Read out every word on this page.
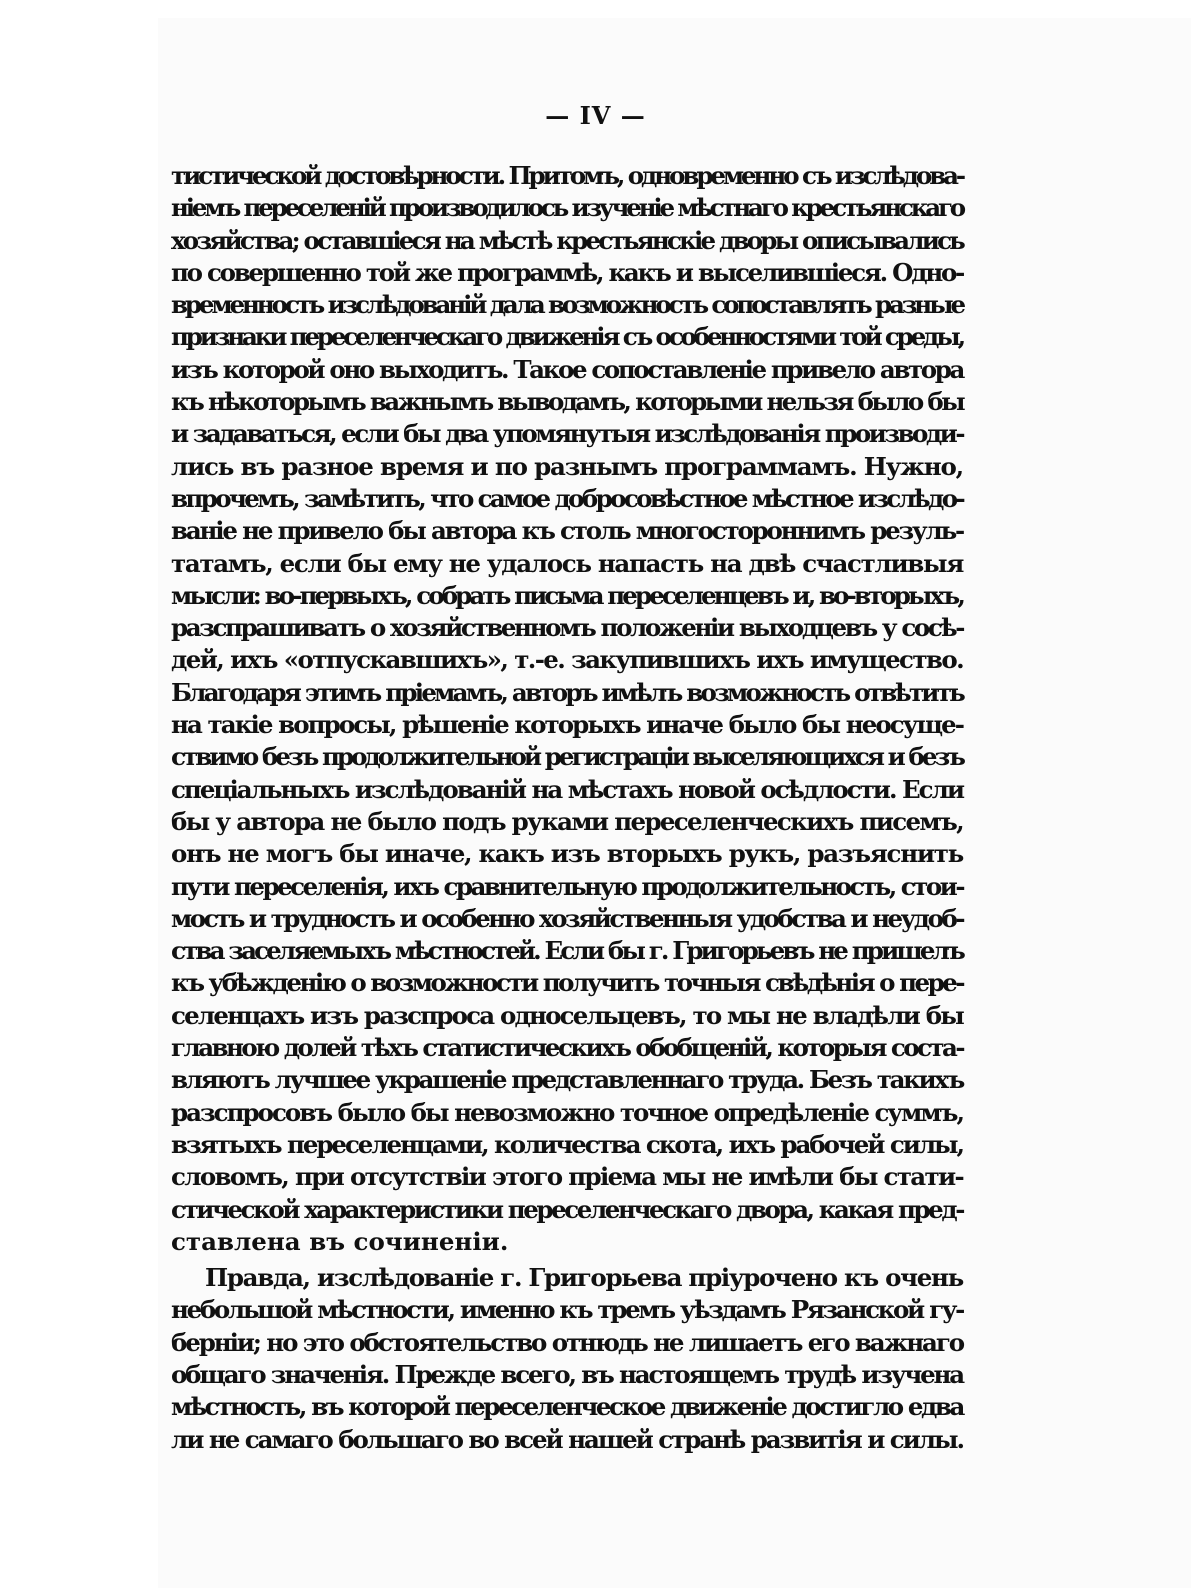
— IV —
тистической достовѣрности. Притомъ, одновременно съ изслѣдова-
ніемъ переселеній производилось изученіе мѣстнаго крестьянскаго
хозяйства; оставшіеся на мѣстѣ крестьянскіе дворы описывались
по совершенно той же программѣ, какъ и выселившіеся. Одно-
временность изслѣдованій дала возможность сопоставлять разные
признаки переселенческаго движенія съ особенностями той среды,
изъ которой оно выходитъ. Такое сопоставленіе привело автора
къ нѣкоторымъ важнымъ выводамъ, которыми нельзя было бы
и задаваться, если бы два упомянутыя изслѣдованія производи-
лись въ разное время и по разнымъ программамъ. Нужно,
впрочемъ, замѣтить, что самое добросовѣстное мѣстное изслѣдо-
ваніе не привело бы автора къ столь многостороннимъ резуль-
татамъ, если бы ему не удалось напасть на двѣ счастливыя
мысли: во-первыхъ, собрать письма переселенцевъ и, во-вторыхъ,
разспрашивать о хозяйственномъ положеніи выходцевъ у сосѣ-
дей, ихъ «отпускавшихъ», т.-е. закупившихъ ихъ имущество.
Благодаря этимъ пріемамъ, авторъ имѣлъ возможность отвѣтить
на такіе вопросы, рѣшеніе которыхъ иначе было бы неосуще-
ствимо безъ продолжительной регистраціи выселяющихся и безъ
спеціальныхъ изслѣдованій на мѣстахъ новой осѣдлости. Если
бы у автора не было подъ руками переселенческихъ писемъ,
онъ не могъ бы иначе, какъ изъ вторыхъ рукъ, разъяснить
пути переселенія, ихъ сравнительную продолжительность, стои-
мость и трудность и особенно хозяйственныя удобства и неудоб-
ства заселяемыхъ мѣстностей. Если бы г. Григорьевъ не пришелъ
къ убѣжденію о возможности получить точныя свѣдѣнія о пере-
селенцахъ изъ разспроса односельцевъ, то мы не владѣли бы
главною долей тѣхъ статистическихъ обобщеній, которыя соста-
вляютъ лучшее украшеніе представленнаго труда. Безъ такихъ
разспросовъ было бы невозможно точное опредѣленіе суммъ,
взятыхъ переселенцами, количества скота, ихъ рабочей силы,
словомъ, при отсутствіи этого пріема мы не имѣли бы стати-
стической характеристики переселенческаго двора, какая пред-
ставлена въ сочиненіи.
Правда, изслѣдованіе г. Григорьева пріурочено къ очень
небольшой мѣстности, именно къ тремъ уѣздамъ Рязанской гу-
берніи; но это обстоятельство отнюдь не лишаетъ его важнаго
общаго значенія. Прежде всего, въ настоящемъ трудѣ изучена
мѣстность, въ которой переселенческое движеніе достигло едва
ли не самаго большаго во всей нашей странѣ развитія и силы.
